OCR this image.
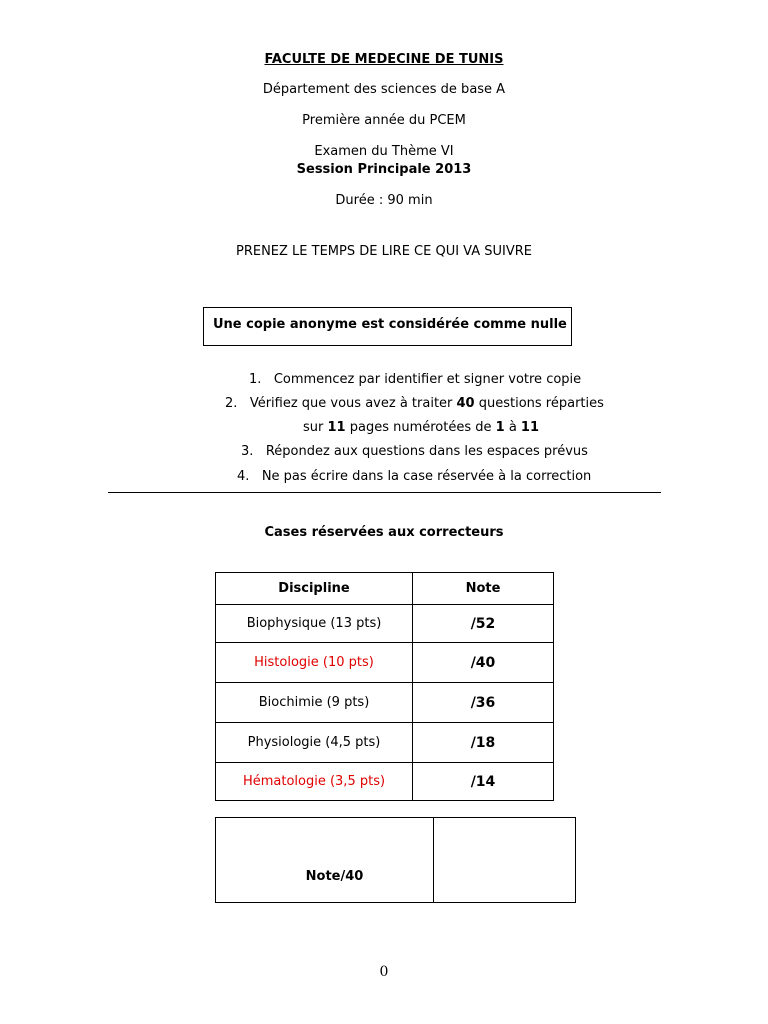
FACULTE DE MEDECINE DE TUNIS
Département des sciences de base A
Première année du PCEM
Examen du Thème VI
Session Principale 2013
Durée : 90 min
PRENEZ LE TEMPS DE LIRE CE QUI VA SUIVRE
Une copie anonyme est considérée comme nulle
1. Commencez par identifier et signer votre copie
2. Vérifiez que vous avez à traiter 40 questions réparties
sur 11 pages numérotées de 1 à 11
3. Répondez aux questions dans les espaces prévus
4. Ne pas écrire dans la case réservée à la correction
Cases réservées aux correcteurs
Discipline	Note
Biophysique (13 pts)	/52
Histologie (10 pts)	/40
Biochimie (9 pts)	/36
Physiologie (4,5 pts)	/18
Hématologie (3,5 pts)	/14
Note/40	
0
